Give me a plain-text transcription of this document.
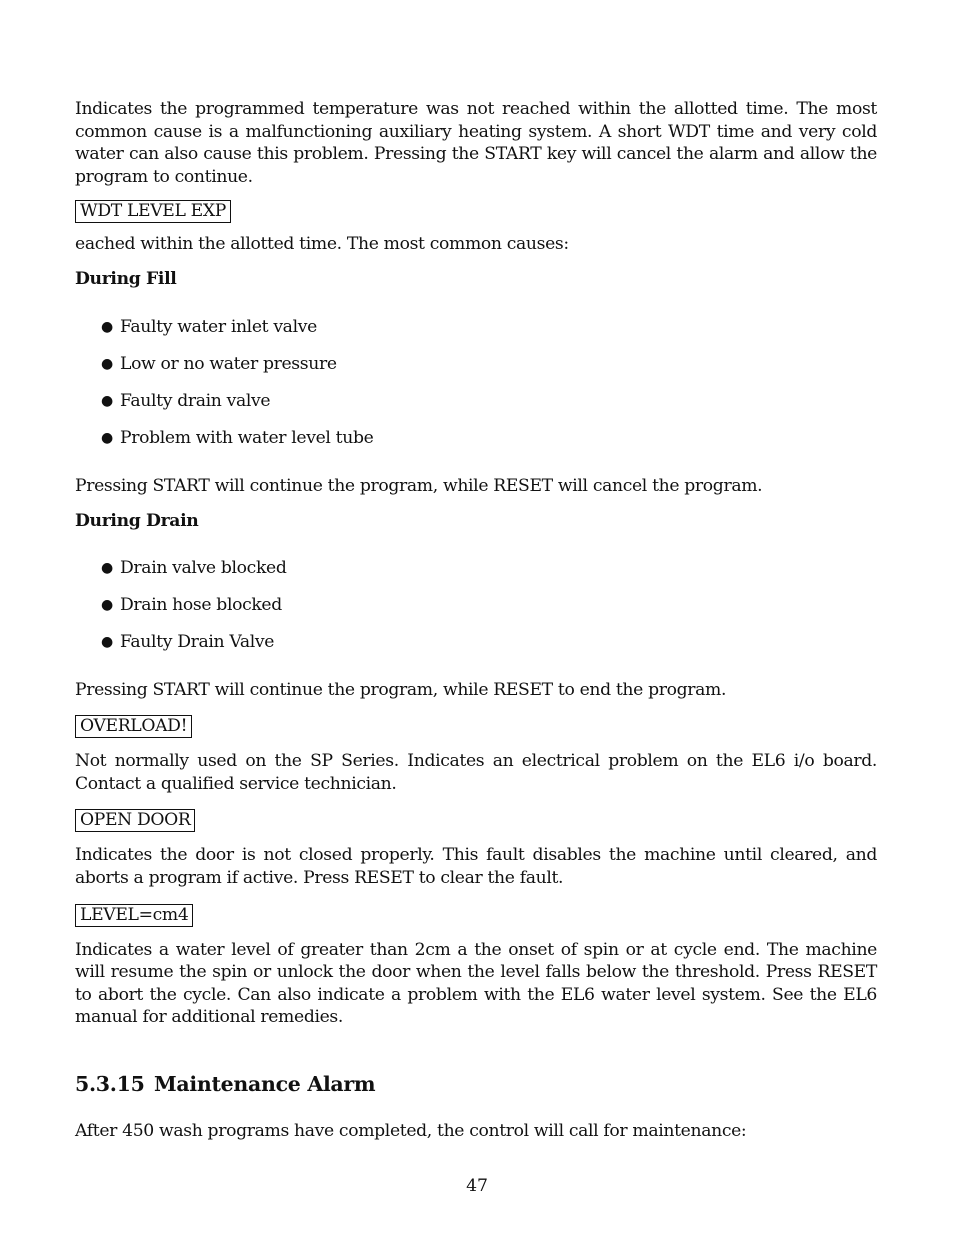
Indicates the programmed temperature was not reached within the allotted time. The most common cause is a malfunctioning auxiliary heating system. A short WDT time and very cold water can also cause this problem. Pressing the START key will cancel the alarm and allow the program to continue.

WDT LEVEL EXP

eached within the allotted time. The most common causes:

During Fill
● Faulty water inlet valve
● Low or no water pressure
● Faulty drain valve
● Problem with water level tube

Pressing START will continue the program, while RESET will cancel the program.

During Drain
● Drain valve blocked
● Drain hose blocked
● Faulty Drain Valve

Pressing START will continue the program, while RESET to end the program.

OVERLOAD!

Not normally used on the SP Series. Indicates an electrical problem on the EL6 i/o board. Contact a qualified service technician.

OPEN DOOR

Indicates the door is not closed properly. This fault disables the machine until cleared, and aborts a program if active. Press RESET to clear the fault.

LEVEL=cm4

Indicates a water level of greater than 2cm a the onset of spin or at cycle end. The machine will resume the spin or unlock the door when the level falls below the threshold. Press RESET to abort the cycle. Can also indicate a problem with the EL6 water level system. See the EL6 manual for additional remedies.

5.3.15 Maintenance Alarm

After 450 wash programs have completed, the control will call for maintenance:

47
